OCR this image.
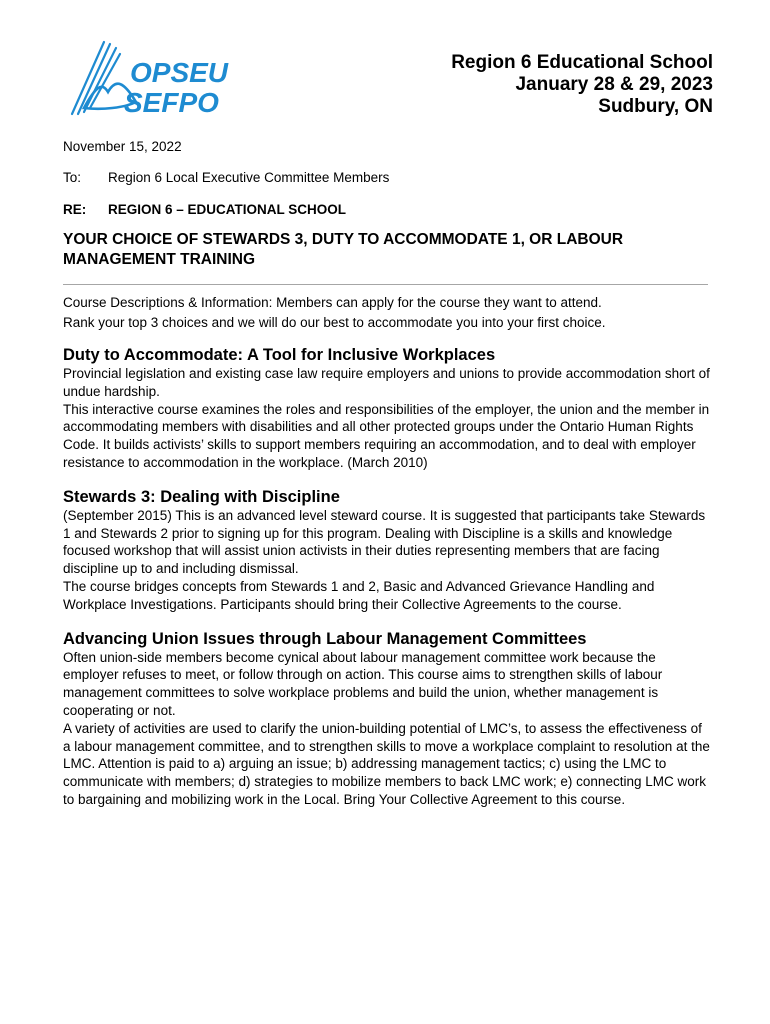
OPSEU
SEFPO
Region 6 Educational School
January 28 & 29, 2023
Sudbury, ON
November 15, 2022
To:	Region 6 Local Executive Committee Members
RE:	REGION 6 – EDUCATIONAL SCHOOL
YOUR CHOICE OF STEWARDS 3, DUTY TO ACCOMMODATE 1, OR LABOUR MANAGEMENT TRAINING
Course Descriptions & Information: Members can apply for the course they want to attend.
Rank your top 3 choices and we will do our best to accommodate you into your first choice.
Duty to Accommodate: A Tool for Inclusive Workplaces
Provincial legislation and existing case law require employers and unions to provide accommodation short of undue hardship.
This interactive course examines the roles and responsibilities of the employer, the union and the member in accommodating members with disabilities and all other protected groups under the Ontario Human Rights Code. It builds activists’ skills to support members requiring an accommodation, and to deal with employer resistance to accommodation in the workplace. (March 2010)
Stewards 3: Dealing with Discipline
(September 2015) This is an advanced level steward course. It is suggested that participants take Stewards 1 and Stewards 2 prior to signing up for this program. Dealing with Discipline is a skills and knowledge focused workshop that will assist union activists in their duties representing members that are facing discipline up to and including dismissal.
The course bridges concepts from Stewards 1 and 2, Basic and Advanced Grievance Handling and Workplace Investigations. Participants should bring their Collective Agreements to the course.
Advancing Union Issues through Labour Management Committees
Often union-side members become cynical about labour management committee work because the employer refuses to meet, or follow through on action. This course aims to strengthen skills of labour management committees to solve workplace problems and build the union, whether management is cooperating or not.
A variety of activities are used to clarify the union-building potential of LMC’s, to assess the effectiveness of a labour management committee, and to strengthen skills to move a workplace complaint to resolution at the LMC. Attention is paid to a) arguing an issue; b) addressing management tactics; c) using the LMC to communicate with members; d) strategies to mobilize members to back LMC work; e) connecting LMC work to bargaining and mobilizing work in the Local. Bring Your Collective Agreement to this course.
